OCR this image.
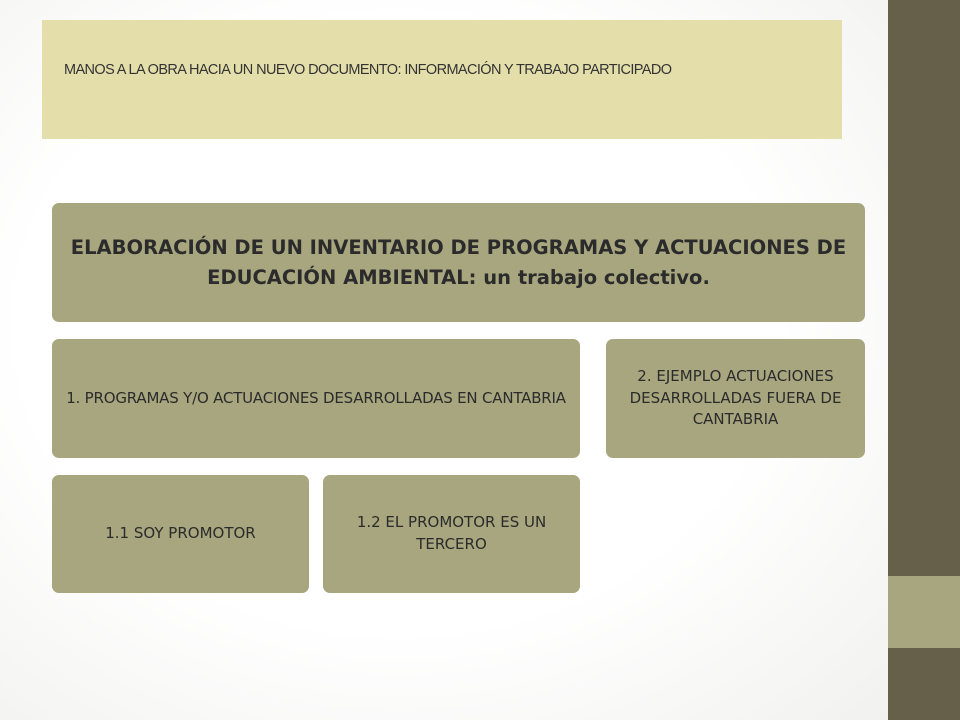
MANOS A LA OBRA HACIA UN NUEVO DOCUMENTO: INFORMACIÓN Y TRABAJO PARTICIPADO
ELABORACIÓN DE UN INVENTARIO DE PROGRAMAS Y ACTUACIONES DE EDUCACIÓN AMBIENTAL: un trabajo colectivo.
1. PROGRAMAS Y/O ACTUACIONES DESARROLLADAS EN CANTABRIA
2. EJEMPLO ACTUACIONES DESARROLLADAS FUERA DE CANTABRIA
1.1 SOY PROMOTOR
1.2 EL PROMOTOR ES UN TERCERO
